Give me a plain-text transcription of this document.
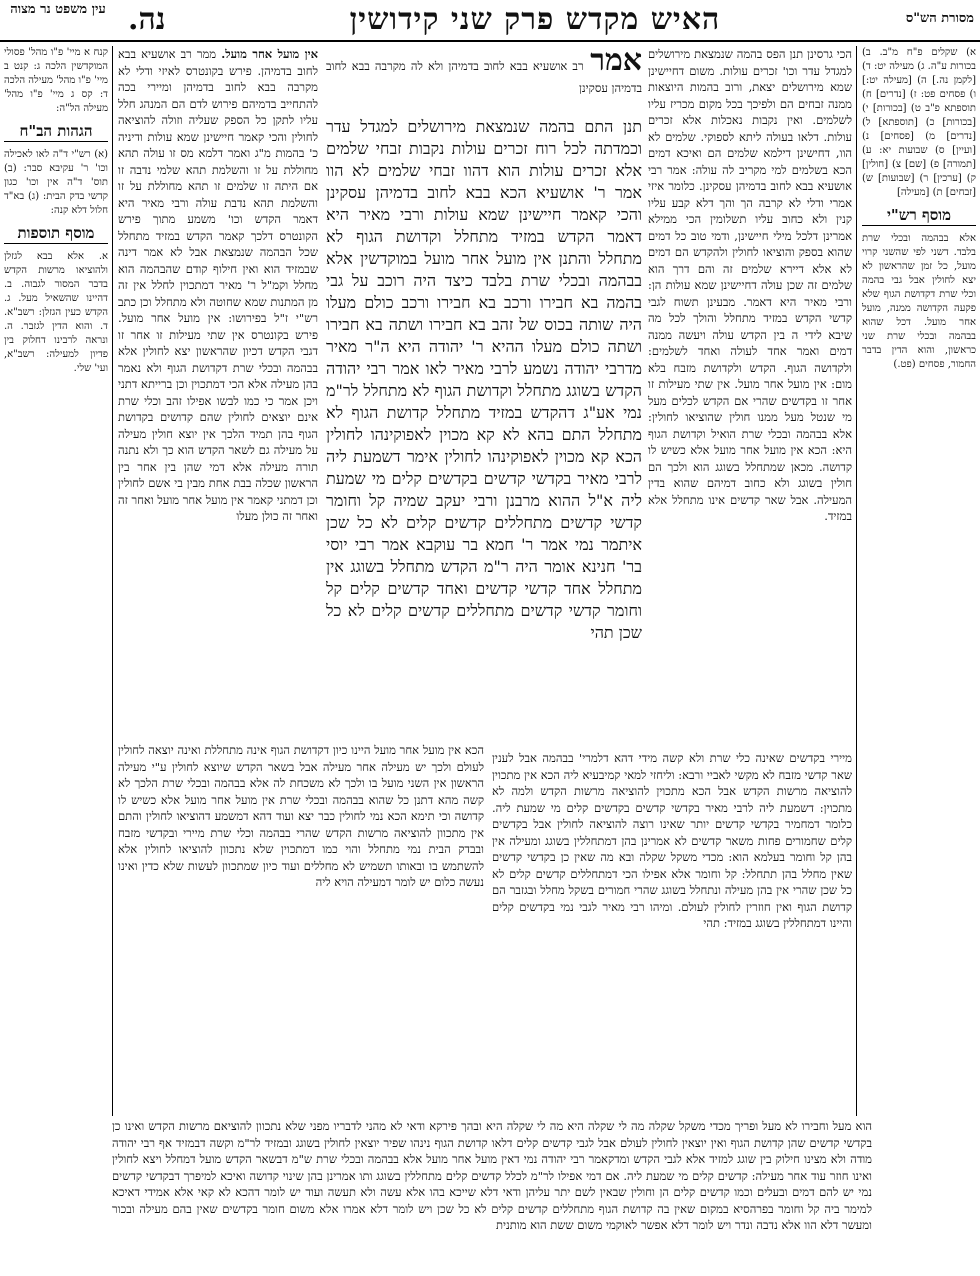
מסורת הש"ס
האיש מקדש פרק שני קידושין
נה.
עין משפט נר מצוה
א) שקלים פ"ח מ"ב. ב) בכורות ע"ה. ג) מעילה יט: ד) [לקמן נה.] ה) [מעילה יט:] ו) פסחים פט: ז) [נדרים] ח) תוספתא פ"ב ט) [בכורות] י) [בכורות] כ) [תוספתא] ל) [נדרים] מ) [פסחים] נ) [ועיין] ס) שבועות יא: ע) [תמורה] פ) [שם] צ) [חולין] ק) [ערכין] ר) [שבועות] ש) [זבחים] ת) [מעילה]
מוסף רש"י
אלא בבהמה ובכלי שרת בלבד. דשני לפי שהשני קרוי מועל, כל זמן שהראשון לא יצא לחולין אבל גבי בהמה וכלי שרת דקדושת הגוף שלא פקעה הקדושה ממנה, מועל אחר מועל. דכל שהוא בבהמה ובכלי שרת שני כראשון, והוא הדין בדבר החמור, פסחים (פט.)
קנח א מיי' פ"ו מהל' פסולי המוקדשין הלכה ג: קנט ב מיי' פ"ו מהל' מעילה הלכה ד: קס ג מיי' פ"ו מהל' מעילה הל"ה:
הגהות הב"ח
(א) רש"י ד"ה לאו לאכילה וכו' ר' עקיבא סבר: (ב) תוס' ד"ה אין וכו' כגון קדשי בדק הבית: (ג) בא"ד חלול דלא קנה:
מוסף תוספות
א. אלא בבא לגזלן ולהוציאו מרשות הקדש בדבר המסור לגבוה. ב. דהיינו שהשאיל מעל. ג. הקדש כעין הגזלן: רשב"א. ד. והוא הדין לגזבר. ה. ונראה לרבינו דחלוק בין פדיון למעילה: רשב"א, ועי' שלי.
הכי גרסינן תנן הפס בהמה שנמצאת מירושלים למגדל עדר וכו' זכרים עולות. משום דחיישינן שמא מירושלים יצאת, ורוב בהמות היוצאות ממנה זבחים הם ולפיכך בכל מקום מכריז עליו לשלמים. ואין נקבות נאכלות אלא זכרים עולות. דלאו בעולה ליתא לספוקי. שלמים לא הוו, דחישינן דילמא שלמים הם ואיכא דמים הכא בשלמים למי מקריב לה עולה: אמר רבי אושעיא בבא לחוב בדמיהן עסקינן. כלומר איזי אמרי ודלי לא קרבה הך והך דלא קבע עליו קנין ולא כחוב עליו תשלומין הכי ממילא אמרינן דלכל מילי חיישינן, ודמי טוב כל דמים שהוא בספק והוציאו לחולין ולהקדש הם דמים לא אלא דיירא שלמים זה והם דרך הוא שלמים זה שכן עולה דחיישינן שמא עולות הן: ורבי מאיר היא דאמר. מבעינן תשוח לגבי קדשי הקדש במזיד מתחלל והולך לכל מה שיבא לידי ה בין הקדש עולה ויעשה ממנה דמים ואמר אחד לעולה ואחד לשלמים: ולקדושה הגוף. הקדש ולקדושת מזבח בלא מום: אין מועל אחר מועל. אין שתי מעילות זו אחר זו בקדשים שהרי אם הקדש לכלים מעל מי שנטל מעל ממנו חולין שהוציאו לחולין: אלא בבהמה ובכלי שרת הואיל וקדושת הגוף היא: הכא אין מועל אחר מועל אלא כשיש לו קדושה. מכאן שמתחלל בשוגג הוא ולכך הם חולין בשוגג ולא כחוב דמיהם שהוא בדין המעילה. אבל שאר קדשים אינו מתחלל אלא במזיד.
אין מועל אחר מועל. ממר רב אושעיא בבא לחוב בדמיהן. פירש בקונטרס לאיזי ודלי לא מקרבה בבא לחוב בדמיהן ומיירי בכה להתחייב בדמיהם פירוש לדם הם המנהג חלל עליו לתקן כל הספק שעליה וזולה להוציאה לחולין והכי קאמר חיישינן שמא עולות ודיניה כ' בהמות מ"ג ואמר דלמא מס זו עולה תהא מחוללת על זו והשלמת תהא שלמי נדבה זו אם היתה זו שלמים זו תהא מחוללת על זו והשלמת תהא נדבת עולה ורבי מאיר היא דאמר הקדש וכו' משמע מתוך פירש הקונטרס דלכך קאמר הקדש במזיד מתחלל שכל הבהמה שנמצאת אבל לא אמר דינה שבמזיד הוא ואין חילוף קודם שהבהמה הוא מחלל וקמ"ל ר' מאיר דמתכוין לחלל אין זה מן המתנות שמא שחוטה ולא מתחלל וכן כתב רש"י ז"ל בפירושו: אין מועל אחר מועל. פירש בקונטרס אין שתי מעילות זו אחר זו דגבי הקדש דכיון שהראשון יצא לחולין אלא בבהמה ובכלי שרת דקדושת הגוף ולא נאמר בהן מעילה אלא הכי דמתכוין וכן ברייתא דתני ויכן אמר כי כמו לבשו אפילו זהב וכלי שרת אינם יוצאים לחולין שהם קדושים בקדושת הגוף בהן תמיד הלכך אין יוצא חולין מעילה על מעילה גם לשאר הקדש הוא כך ולא נתנה תורה מעילה אלא דמי שהן בין אחר בין הראשון שכלה בבת אחת מבין בי אשם לחולין וכן דמתני קאמר אין מועל אחר מועל ואחר זה ואחר זה כולן מעלו
אמר רב אושעיא בבא לחוב בדמיהן ולא לה מקרבה בבא לחוב בדמיהן עסקינן
תנן התם בהמה שנמצאת מירושלים למגדל עדר וכמדתה לכל רוח זכרים עולות נקבות זבחי שלמים אלא זכרים עולות הוא דהוו זבחי שלמים לא הוו אמר ר' אושעיא הכא בבא לחוב בדמיהן עסקינן והכי קאמר חיישינן שמא עולות ורבי מאיר היא דאמר הקדש במזיד מתחלל וקדושת הגוף לא מתחלל והתנן אין מועל אחר מועל במוקדשין אלא בבהמה ובכלי שרת בלבד כיצד היה רוכב על גבי בהמה בא חבירו ורכב בא חבירו ורכב כולם מעלו היה שותה בכוס של זהב בא חבירו ושתה בא חבירו ושתה כולם מעלו ההיא ר' יהודה היא ה"ר מאיר מדרבי יהודה נשמע לרבי מאיר לאו אמר רבי יהודה הקדש בשוגג מתחלל וקדושת הגוף לא מתחלל לר"מ נמי אע"ג דהקדש במזיד מתחלל קדושת הגוף לא מתחלל התם בהא לא קא מכוין לאפוקינהו לחולין הכא קא מכוין לאפוקינהו לחולין אימר דשמעת ליה לרבי מאיר בקדשי קדשים בקדשים קלים מי שמעת ליה א"ל ההוא מרבנן ורבי יעקב שמיה קל וחומר קדשי קדשים מתחללים קדשים קלים לא כל שכן איתמר נמי אמר ר' חמא בר עוקבא אמר רבי יוסי בר' חנינא אומר היה ר"מ הקדש מתחלל בשוגג אין מתחלל אחד קדשי קדשים ואחד קדשים קלים קל וחומר קדשי קדשים מתחללים קדשים קלים לא כל שכן תהי
מיירי בקדשים שאינה כלי שרת ולא קשה מידי דהא דלמרי' בבהמה אבל לענין שאר קדשי מזבח לא מקשי לאביי ורבא: וליחזי למאי קמיבעיא ליה הכא אין מתכוין להוציאה מרשות הקדש אבל הכא מתכוין להוציאה מרשות הקדש ולמה לא מתכוין: דשמעת ליה לרבי מאיר בקדשי קדשים בקדשים קלים מי שמעת ליה. כלומר דמחמיר בקדשי קדשים יותר שאינו רוצה להוציאה לחולין אבל בקדשים קלים שחמורים פחות משאר קדשים לא אמרינן בהן דמתחללין בשוגג ומעילה אין בהן קל וחומר בעלמא הוא: מכדי משקל שקלה ובא מה שאין כן בקדשי קדשים שאין מחלל בהן תתחלל: קל וחומר אלא אפילו הכי דמתחללים קדשים קלים לא כל שכן שהרי אין בהן מעילה ונתחלל בשוגג שהרי חמורים בשקל מחלל ובגזבר הם קדושת הגוף ואין חוזרין לחולין לעולם. ומיהו רבי מאיר לגבי נמי בקדשים קלים והיינו דמתחללין בשוגג במזיד: תהי
הכא אין מועל אחר מועל היינו כיון דקדושת הגוף אינה מתחללת ואינה יוצאה לחולין לעולם ולכך יש מעילה אחר מעילה אבל בשאר הקדש שיוצא לחולין ע"י מעילה הראשון אין השני מועל בו ולכך לא משכחת לה אלא בבהמה ובכלי שרת הלכך לא קשה מהא דתנן כל שהוא בבהמה ובכלי שרת אין מועל אחר מועל אלא כשיש לו קדושה וכי תימא הכא נמי לחולין כבר יצא ועוד דהא דמשמע דהוציאו לחולין והתם אין מתכוון להוציאה מרשות הקדש שהרי בבהמה וכלי שרת מיירי ובקדשי מזבח ובבדק הבית נמי מתחלל והוי כמו דמתכוין שלא נתכוון להוציאו לחולין אלא להשתמש בו ובאותו תשמיש לא מחללים ועוד כיון שמתכוון לעשות שלא כדין ואינו נעשה כלום יש לומר דמעילה הויא ליה
הוא מעל וחבירו לא מעל ופריך מכדי משקל שקלה מה לי שקלה היא מה לי שקלה היא ובהך פירקא ודאי לא מהני לדבריו מפני שלא נתכוון להוציאם מרשות הקדש ואינו כן בקדשי קדשים שהן קדושת הגוף ואין יוצאין לחולין לעולם אבל לגבי קדשים קלים דלאו קדושת הגוף נינהו שפיר יוצאין לחולין בשוגג ובמזיד לר"מ וקשה דבמזיד אף רבי יהודה מודה ולא מצינו חילוק בין שוגג למזיד אלא לגבי הקדש ומדקאמר רבי יהודה נמי דאין מועל אחר מועל אלא בבהמה ובכלי שרת ש"מ דבשאר הקדש מועל דמחלל ויצא לחולין ואינו חוזר עוד אחר מעילה: קדשים קלים מי שמעת ליה. אם דמי אפילו לר"מ לכלל קדשים קלים מתחללין בשוגג ותו אמרינן בהן שינוי קדושה ואיכא למיפרך דבקדשי קדשים נמי יש להם דמים ובעלים וכמו קדשים קלים הן וחולין שבאין לשם יתר עליהן ודאי דלא שייכא בהו אלא עשה ולא תעשה ועוד יש לומר דהכא לא קאי אלא אמידי דאיכא למימר ביה קל וחומר בפרהסיא במקום שאין בה קדושת הגוף מתחללים קדשים קלים לא כל שכן ויש לומר דלא אמרו אלא משום חומר בקדשים שאין בהם מעילה ובכור ומעשר דלא הוו אלא נדבה ונדר ויש לומר דלא אפשר לאוקמי משום ששת הוא מותנית
